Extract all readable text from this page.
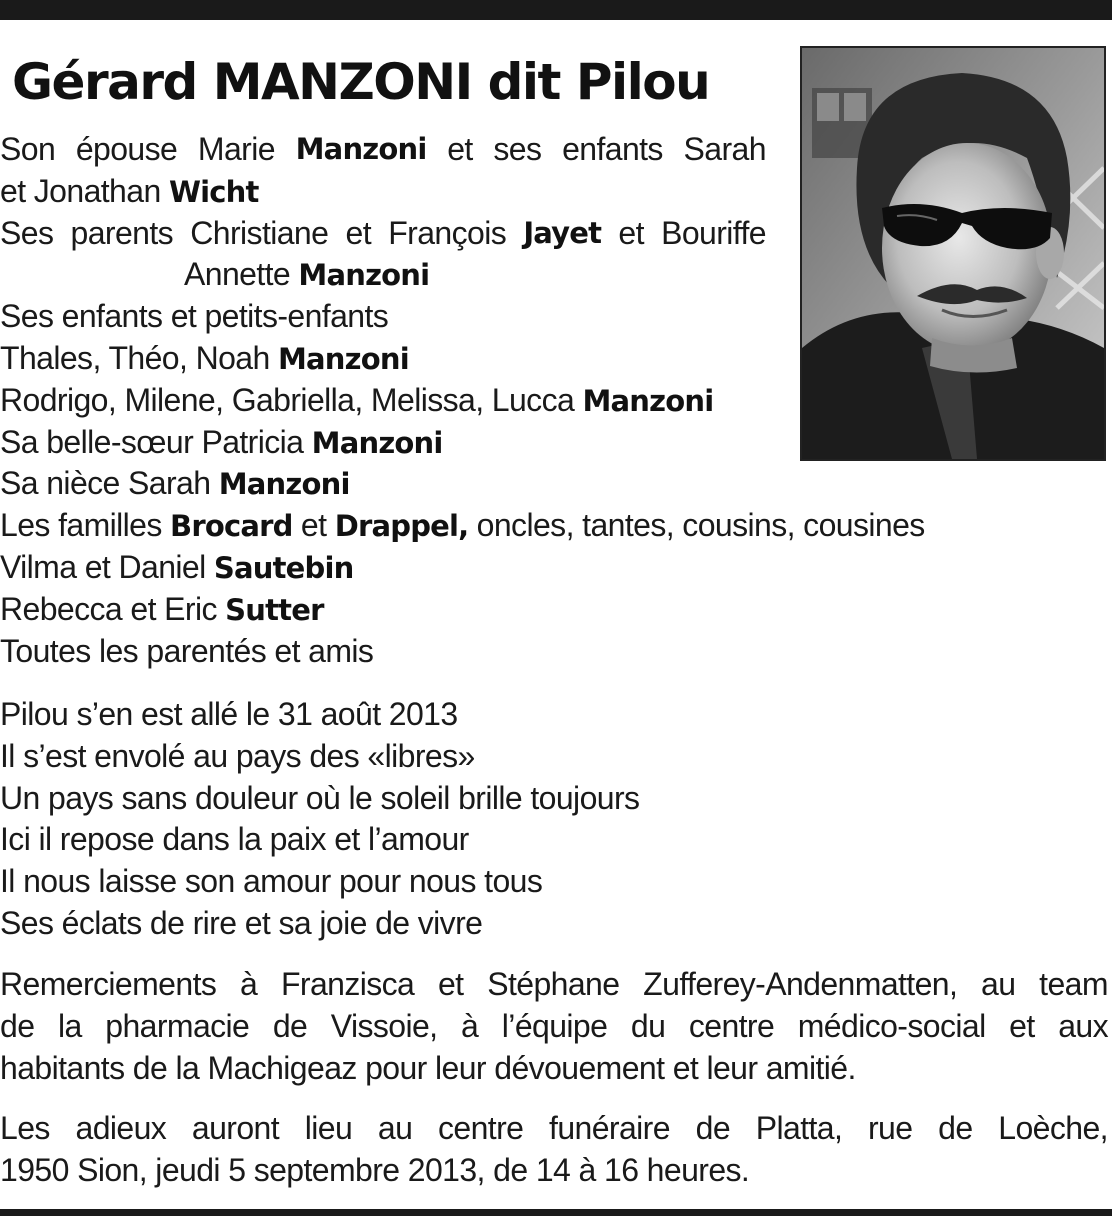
Gérard MANZONI dit Pilou
Son épouse Marie Manzoni et ses enfants Sarah
et Jonathan Wicht
Ses parents Christiane et François Jayet et Bouriffe
Annette Manzoni
Ses enfants et petits-enfants
Thales, Théo, Noah Manzoni
Rodrigo, Milene, Gabriella, Melissa, Lucca Manzoni
Sa belle-sœur Patricia Manzoni
Sa nièce Sarah Manzoni
Les familles Brocard et Drappel, oncles, tantes, cousins, cousines
Vilma et Daniel Sautebin
Rebecca et Eric Sutter
Toutes les parentés et amis
Pilou s’en est allé le 31 août 2013
Il s’est envolé au pays des «libres»
Un pays sans douleur où le soleil brille toujours
Ici il repose dans la paix et l’amour
Il nous laisse son amour pour nous tous
Ses éclats de rire et sa joie de vivre
Remerciements à Franzisca et Stéphane Zufferey-Andenmatten, au team
de la pharmacie de Vissoie, à l’équipe du centre médico-social et aux
habitants de la Machigeaz pour leur dévouement et leur amitié.
Les adieux auront lieu au centre funéraire de Platta, rue de Loèche,
1950 Sion, jeudi 5 septembre 2013, de 14 à 16 heures.
